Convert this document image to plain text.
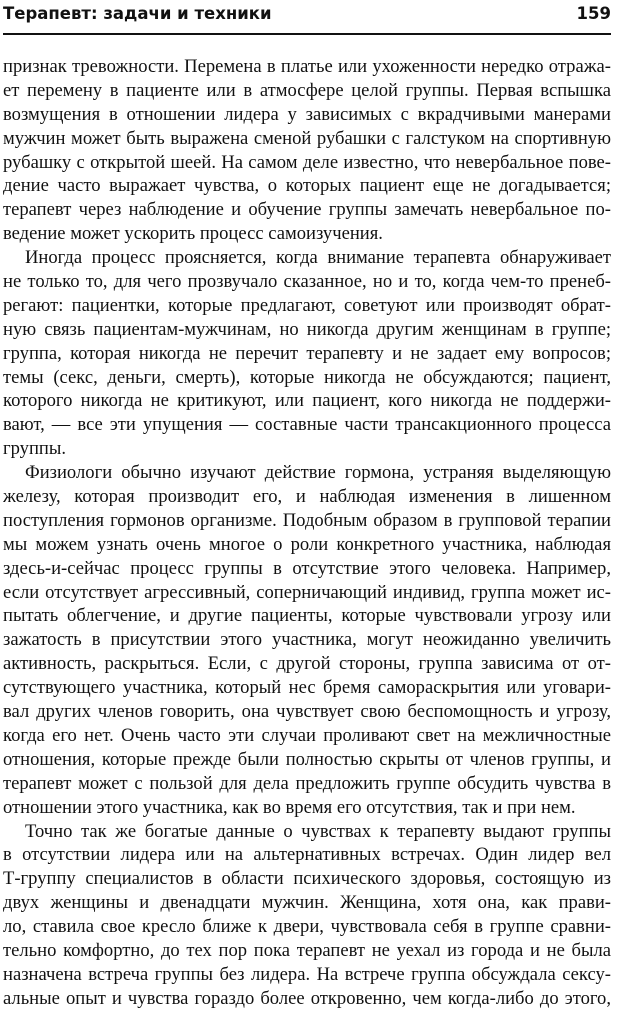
Терапевт: задачи и техники	159
признак тревожности. Перемена в платье или ухоженности нередко отража-
ет перемену в пациенте или в атмосфере целой группы. Первая вспышка
возмущения в отношении лидера у зависимых с вкрадчивыми манерами
мужчин может быть выражена сменой рубашки с галстуком на спортивную
рубашку с открытой шеей. На самом деле известно, что невербальное пове-
дение часто выражает чувства, о которых пациент еще не догадывается;
терапевт через наблюдение и обучение группы замечать невербальное по-
ведение может ускорить процесс самоизучения.
Иногда процесс проясняется, когда внимание терапевта обнаруживает
не только то, для чего прозвучало сказанное, но и то, когда чем-то пренеб-
регают: пациентки, которые предлагают, советуют или производят обрат-
ную связь пациентам-мужчинам, но никогда другим женщинам в группе;
группа, которая никогда не перечит терапевту и не задает ему вопросов;
темы (секс, деньги, смерть), которые никогда не обсуждаются; пациент,
которого никогда не критикуют, или пациент, кого никогда не поддержи-
вают, — все эти упущения — составные части трансакционного процесса
группы.
Физиологи обычно изучают действие гормона, устраняя выделяющую
железу, которая производит его, и наблюдая изменения в лишенном
поступления гормонов организме. Подобным образом в групповой терапии
мы можем узнать очень многое о роли конкретного участника, наблюдая
здесь-и-сейчас процесс группы в отсутствие этого человека. Например,
если отсутствует агрессивный, соперничающий индивид, группа может ис-
пытать облегчение, и другие пациенты, которые чувствовали угрозу или
зажатость в присутствии этого участника, могут неожиданно увеличить
активность, раскрыться. Если, с другой стороны, группа зависима от от-
сутствующего участника, который нес бремя самораскрытия или уговари-
вал других членов говорить, она чувствует свою беспомощность и угрозу,
когда его нет. Очень часто эти случаи проливают свет на межличностные
отношения, которые прежде были полностью скрыты от членов группы, и
терапевт может с пользой для дела предложить группе обсудить чувства в
отношении этого участника, как во время его отсутствия, так и при нем.
Точно так же богатые данные о чувствах к терапевту выдают группы
в отсутствии лидера или на альтернативных встречах. Один лидер вел
Т-группу специалистов в области психического здоровья, состоящую из
двух женщины и двенадцати мужчин. Женщина, хотя она, как прави-
ло, ставила свое кресло ближе к двери, чувствовала себя в группе сравни-
тельно комфортно, до тех пор пока терапевт не уехал из города и не была
назначена встреча группы без лидера. На встрече группа обсуждала сексу-
альные опыт и чувства гораздо более откровенно, чем когда-либо до этого,
